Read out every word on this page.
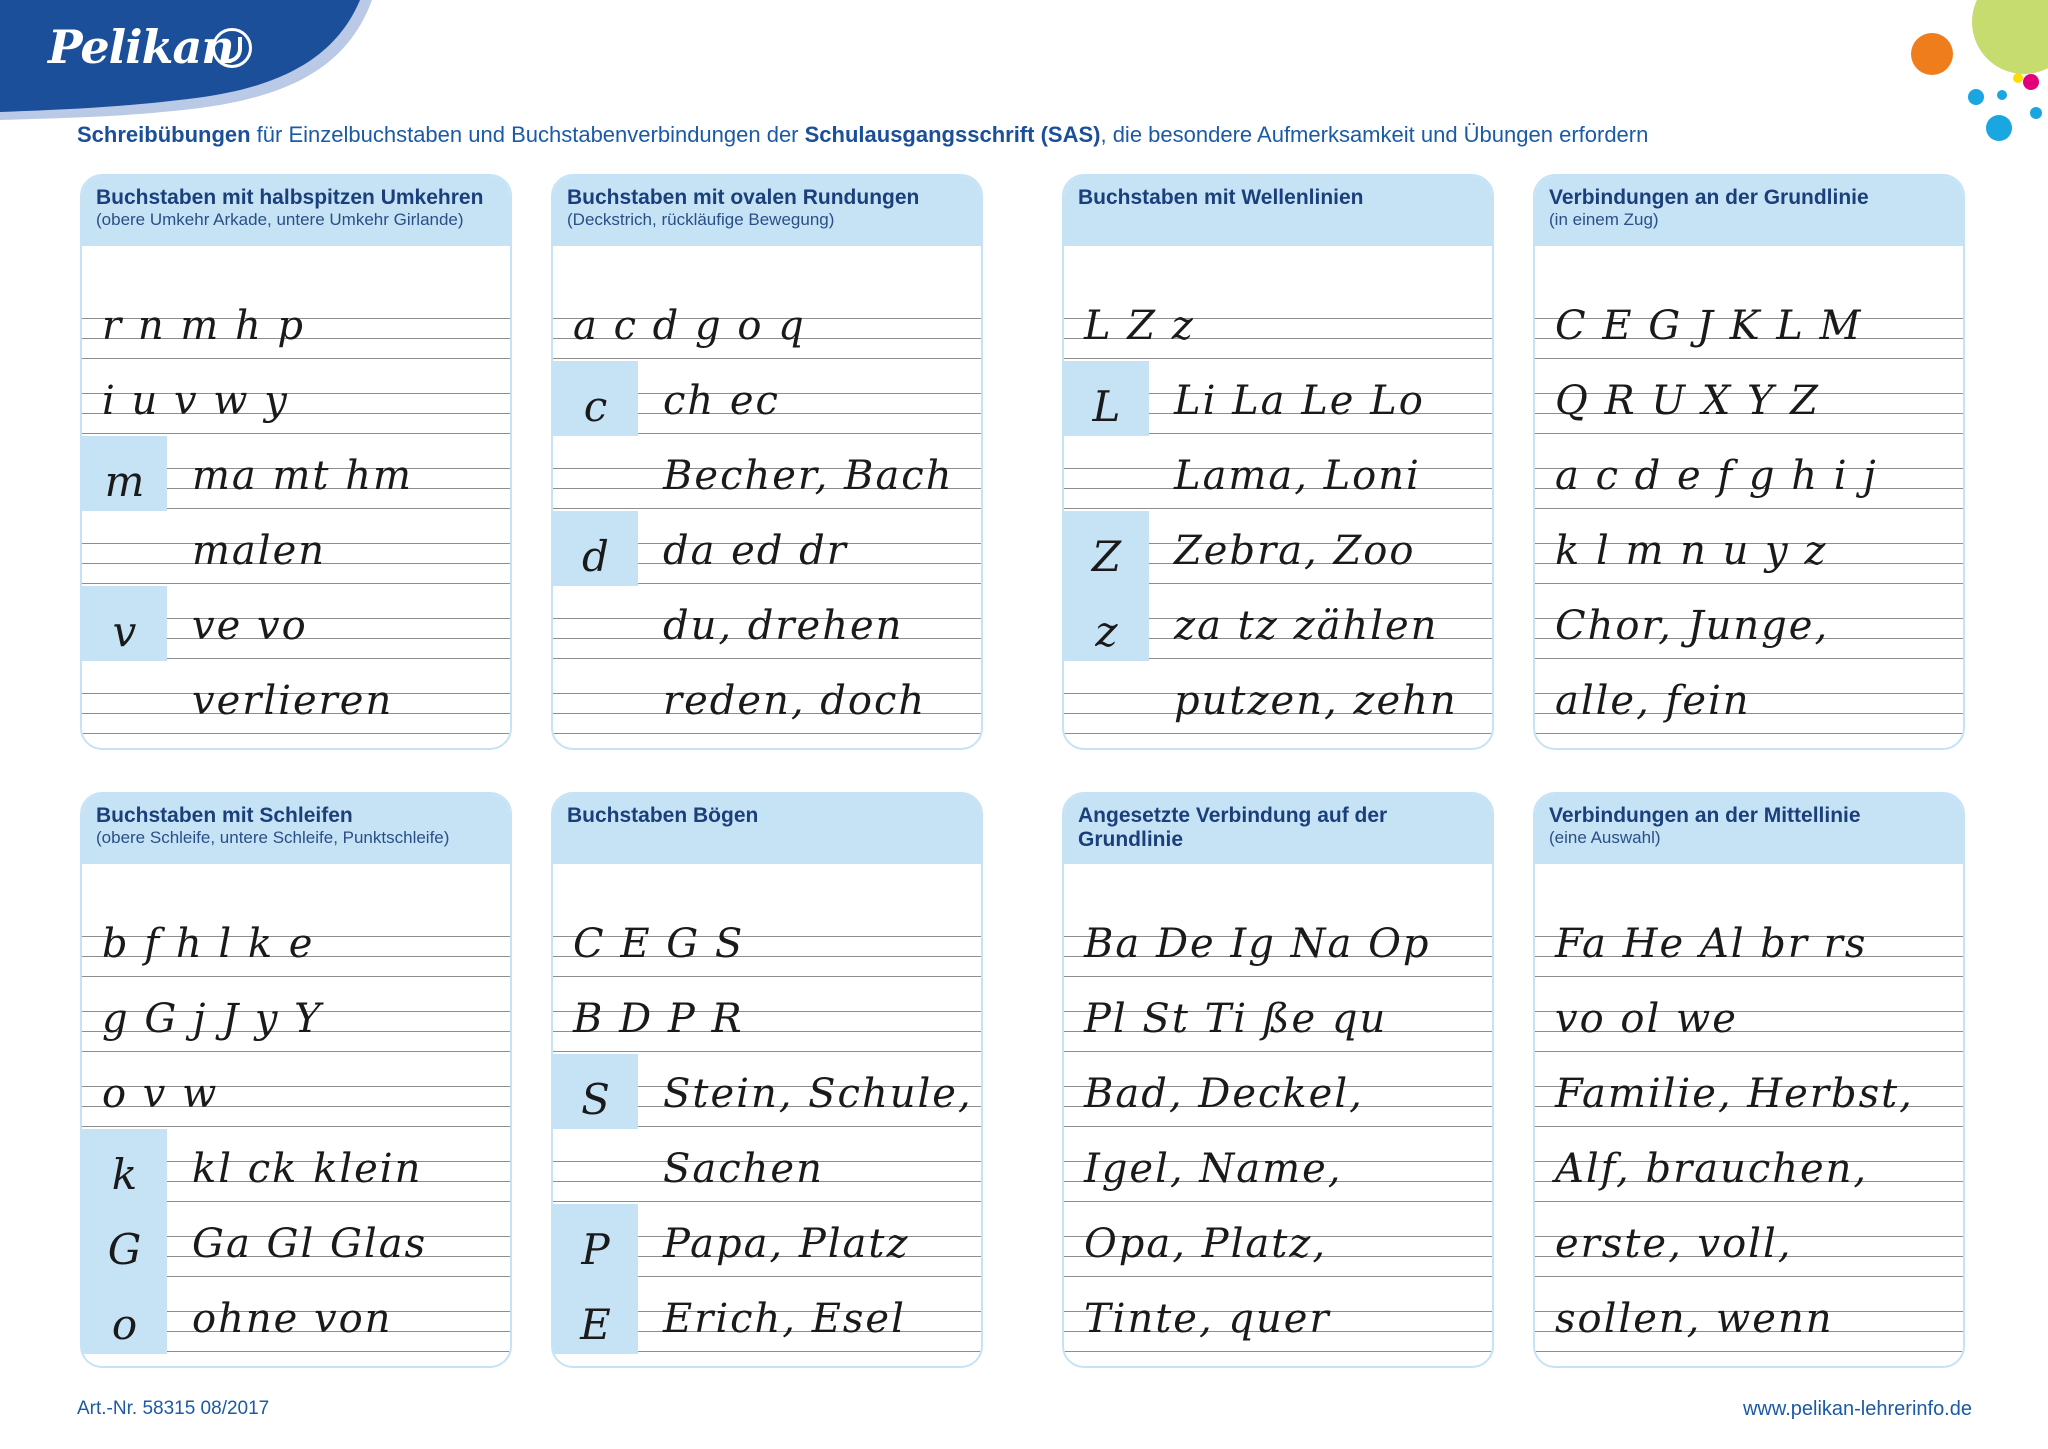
Pelikan
Schreibübungen für Einzelbuchstaben und Buchstabenverbindungen der Schulausgangsschrift (SAS), die besondere Aufmerksamkeit und Übungen erfordern
Buchstaben mit halbspitzen Umkehren
(obere Umkehr Arkade, untere Umkehr Girlande)
r n m h p
i u v w y
m	ma mt hm
malen
v	ve vo
verlieren
Buchstaben mit ovalen Rundungen
(Deckstrich, rückläufige Bewegung)
a c d g o q
c	ch ec
Becher, Bach
d	da ed dr
du, drehen
reden, doch
Buchstaben mit Wellenlinien
L Z z
L	Li La Le Lo
Lama, Loni
Z	Zebra, Zoo
z	za tz zählen
putzen, zehn
Verbindungen an der Grundlinie
(in einem Zug)
C E G J K L M
Q R U X Y Z
a c d e f g h i j
k l m n u y z
Chor, Junge,
alle, fein
Buchstaben mit Schleifen
(obere Schleife, untere Schleife, Punktschleife)
b f h l k e
g G j J y Y
o v w
k	kl ck klein
G	Ga Gl Glas
o	ohne von
Buchstaben Bögen
C E G S
B D P R
S	Stein, Schule,
Sachen
P	Papa, Platz
E	Erich, Esel
Angesetzte Verbindung auf der Grundlinie
Ba De Ig Na Op
Pl St Ti ße qu
Bad, Deckel,
Igel, Name,
Opa, Platz,
Tinte, quer
Verbindungen an der Mittellinie
(eine Auswahl)
Fa He Al br rs
vo ol we
Familie, Herbst,
Alf, brauchen,
erste, voll,
sollen, wenn
Art.-Nr. 58315 08/2017	www.pelikan-lehrerinfo.de
